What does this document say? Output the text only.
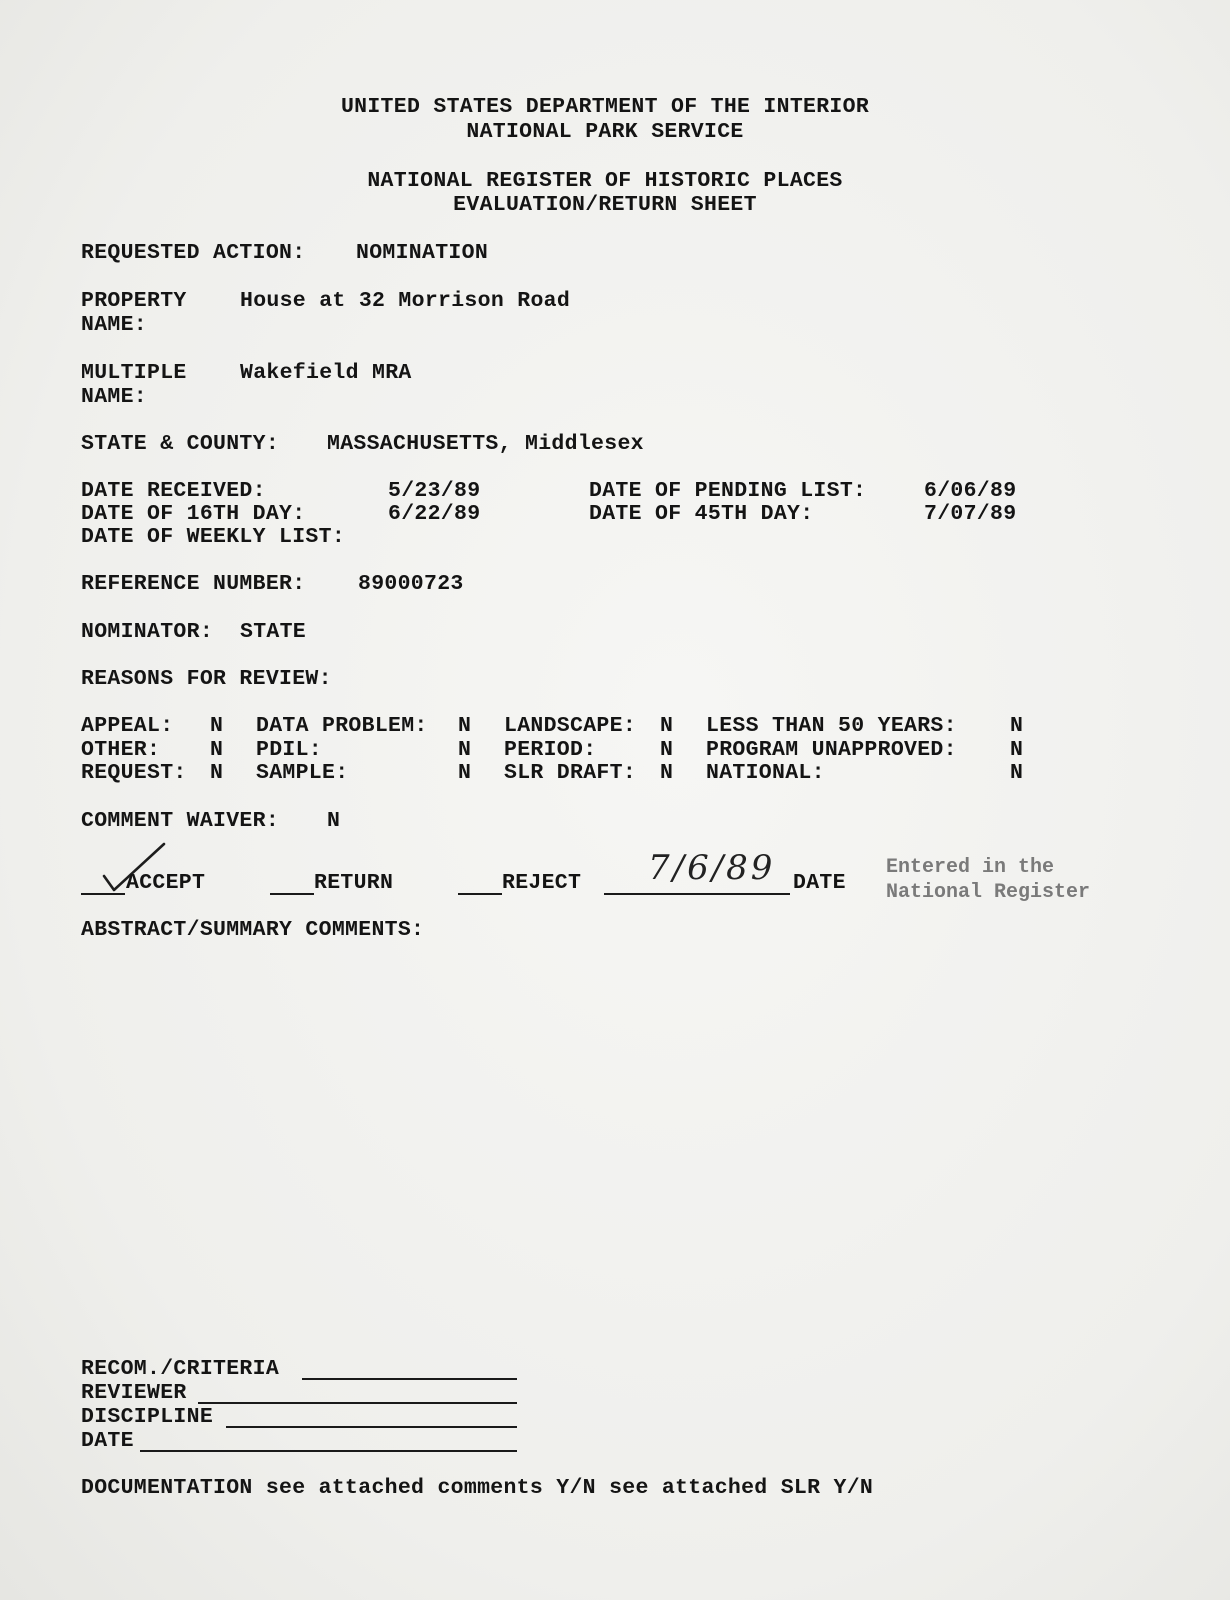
UNITED STATES DEPARTMENT OF THE INTERIOR
NATIONAL PARK SERVICE
NATIONAL REGISTER OF HISTORIC PLACES
EVALUATION/RETURN SHEET
REQUESTED ACTION: NOMINATION
PROPERTY
NAME:
House at 32 Morrison Road
MULTIPLE
NAME:
Wakefield MRA
STATE & COUNTY: MASSACHUSETTS, Middlesex
DATE RECEIVED:	5/23/89	DATE OF PENDING LIST:	6/06/89
DATE OF 16TH DAY:	6/22/89	DATE OF 45TH DAY:	7/07/89
DATE OF WEEKLY LIST:
REFERENCE NUMBER: 89000723
NOMINATOR: STATE
REASONS FOR REVIEW:
APPEAL: N DATA PROBLEM: N LANDSCAPE: N LESS THAN 50 YEARS: N
OTHER: N PDIL:	N PERIOD:	N PROGRAM UNAPPROVED: N
REQUEST: N SAMPLE:	N SLR DRAFT: N NATIONAL:	N
COMMENT WAIVER: N
ACCEPT	RETURN	REJECT 7/6/89 DATE
Entered in the
National Register
ABSTRACT/SUMMARY COMMENTS:
RECOM./CRITERIA
REVIEWER
DISCIPLINE
DATE
DOCUMENTATION see attached comments Y/N see attached SLR Y/N
